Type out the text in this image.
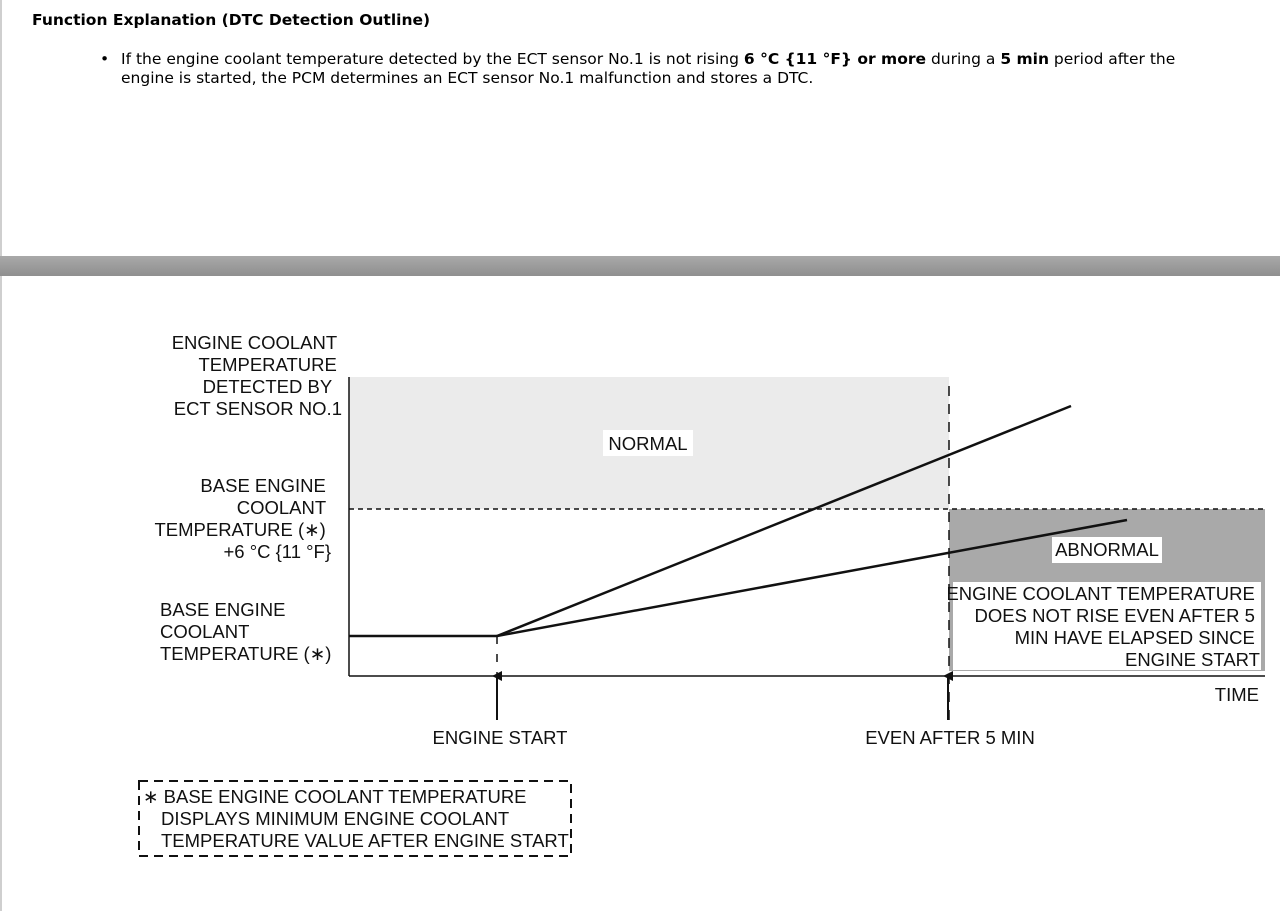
Function Explanation (DTC Detection Outline)
• If the engine coolant temperature detected by the ECT sensor No.1 is not rising 6 °C {11 °F} or more during a 5 min period after the engine is started, the PCM determines an ECT sensor No.1 malfunction and stores a DTC.
ENGINE COOLANT TEMPERATURE DETECTED BY ECT SENSOR NO.1
BASE ENGINE COOLANT TEMPERATURE (∗) +6 °C {11 °F}
BASE ENGINE COOLANT TEMPERATURE (∗)
NORMAL
ABNORMAL
ENGINE COOLANT TEMPERATURE DOES NOT RISE EVEN AFTER 5 MIN HAVE ELAPSED SINCE ENGINE START
TIME
ENGINE START	EVEN AFTER 5 MIN
∗ BASE ENGINE COOLANT TEMPERATURE DISPLAYS MINIMUM ENGINE COOLANT TEMPERATURE VALUE AFTER ENGINE START
